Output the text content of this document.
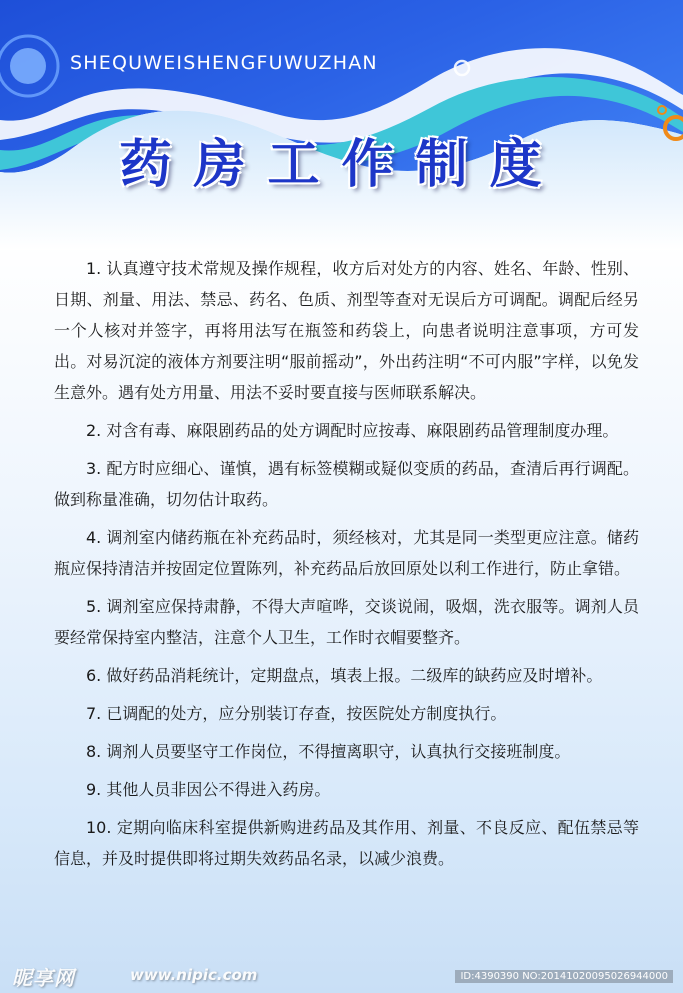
SHEQUWEISHENGFUWUZHAN
药房工作制度

1. 认真遵守技术常规及操作规程，收方后对处方的内容、姓名、年龄、性别、日期、剂量、用法、禁忌、药名、色质、剂型等查对无误后方可调配。调配后经另一个人核对并签字，再将用法写在瓶签和药袋上，向患者说明注意事项，方可发出。对易沉淀的液体方剂要注明“服前摇动”，外出药注明“不可内服”字样，以免发生意外。遇有处方用量、用法不妥时要直接与医师联系解决。

2. 对含有毒、麻限剧药品的处方调配时应按毒、麻限剧药品管理制度办理。

3. 配方时应细心、谨慎，遇有标签模糊或疑似变质的药品，查清后再行调配。做到称量准确，切勿估计取药。

4. 调剂室内储药瓶在补充药品时，须经核对，尤其是同一类型更应注意。储药瓶应保持清洁并按固定位置陈列，补充药品后放回原处以利工作进行，防止拿错。

5. 调剂室应保持肃静，不得大声喧哗，交谈说闹，吸烟，洗衣服等。调剂人员要经常保持室内整洁，注意个人卫生，工作时衣帽要整齐。

6. 做好药品消耗统计，定期盘点，填表上报。二级库的缺药应及时增补。

7. 已调配的处方，应分别装订存查，按医院处方制度执行。

8. 调剂人员要坚守工作岗位，不得擅离职守，认真执行交接班制度。

9. 其他人员非因公不得进入药房。

10. 定期向临床科室提供新购进药品及其作用、剂量、不良反应、配伍禁忌等信息，并及时提供即将过期失效药品名录，以减少浪费。

昵享网	www.nipic.com	ID:4390390 NO:20141020095026944000
